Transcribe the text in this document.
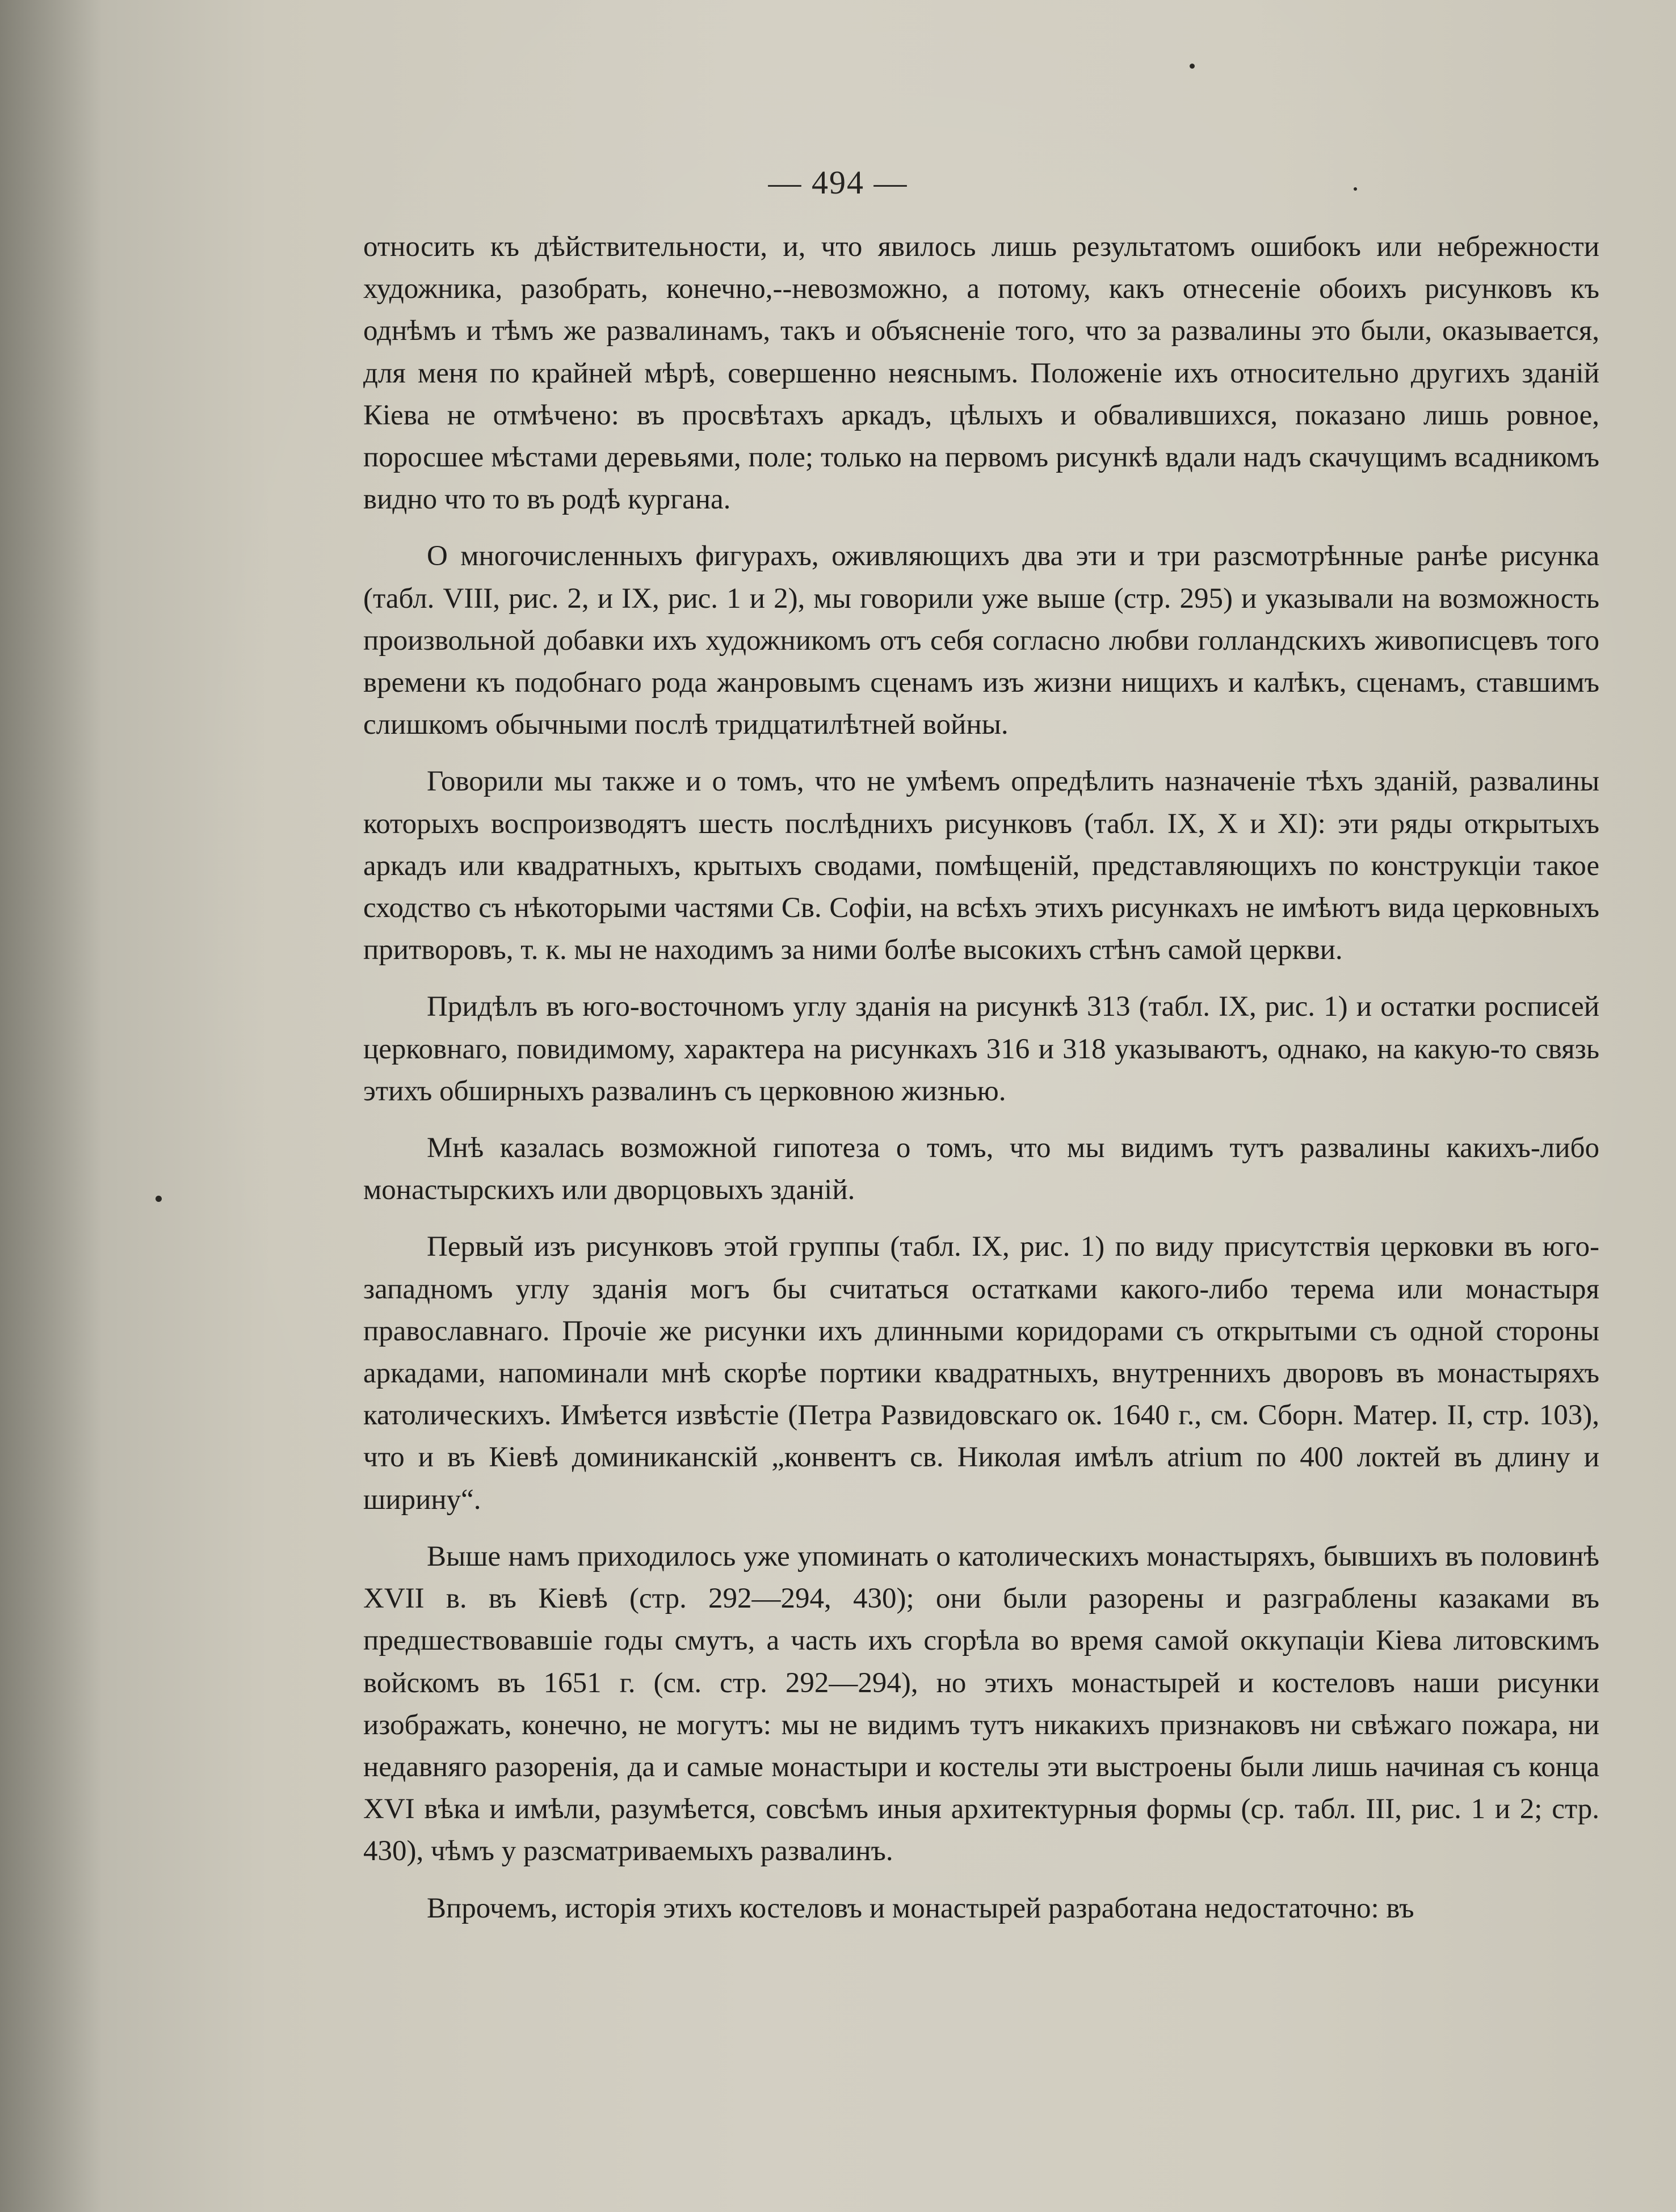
— 494 —

относить къ дѣйствительности, и, что явилось лишь результатомъ ошибокъ или небрежности художника, разобрать, конечно,--невозможно, а потому, какъ отнесеніе обоихъ рисунковъ къ однѣмъ и тѣмъ же развалинамъ, такъ и объясненіе того, что за развалины это были, оказывается, для меня по крайней мѣрѣ, совершенно неяснымъ. Положеніе ихъ относительно другихъ зданій Кіева не отмѣчено: въ просвѣтахъ аркадъ, цѣлыхъ и обвалившихся, показано лишь ровное, поросшее мѣстами деревьями, поле; только на первомъ рисункѣ вдали надъ скачущимъ всадникомъ видно что то въ родѣ кургана.

О многочисленныхъ фигурахъ, оживляющихъ два эти и три разсмотрѣнные ранѣе рисунка (табл. VIII, рис. 2, и IX, рис. 1 и 2), мы говорили уже выше (стр. 295) и указывали на возможность произвольной добавки ихъ художникомъ отъ себя согласно любви голландскихъ живописцевъ того времени къ подобнаго рода жанровымъ сценамъ изъ жизни нищихъ и калѣкъ, сценамъ, ставшимъ слишкомъ обычными послѣ тридцатилѣтней войны.

Говорили мы также и о томъ, что не умѣемъ опредѣлить назначеніе тѣхъ зданій, развалины которыхъ воспроизводятъ шесть послѣднихъ рисунковъ (табл. IX, X и XI): эти ряды открытыхъ аркадъ или квадратныхъ, крытыхъ сводами, помѣщеній, представляющихъ по конструкціи такое сходство съ нѣкоторыми частями Св. Софіи, на всѣхъ этихъ рисункахъ не имѣютъ вида церковныхъ притворовъ, т. к. мы не находимъ за ними болѣе высокихъ стѣнъ самой церкви.

Придѣлъ въ юго-восточномъ углу зданія на рисункѣ 313 (табл. IX, рис. 1) и остатки росписей церковнаго, повидимому, характера на рисункахъ 316 и 318 указываютъ, однако, на какую-то связь этихъ обширныхъ развалинъ съ церковною жизнью.

Мнѣ казалась возможной гипотеза о томъ, что мы видимъ тутъ развалины какихъ-либо монастырскихъ или дворцовыхъ зданій.

Первый изъ рисунковъ этой группы (табл. IX, рис. 1) по виду присутствія церковки въ юго-западномъ углу зданія могъ бы считаться остатками какого-либо терема или монастыря православнаго. Прочіе же рисунки ихъ длинными коридорами съ открытыми съ одной стороны аркадами, напоминали мнѣ скорѣе портики квадратныхъ, внутреннихъ дворовъ въ монастыряхъ католическихъ. Имѣется извѣстіе (Петра Развидовскаго ок. 1640 г., см. Сборн. Матер. II, стр. 103), что и въ Кіевѣ доминиканскій „конвентъ св. Николая имѣлъ atrium по 400 локтей въ длину и ширину“.

Выше намъ приходилось уже упоминать о католическихъ монастыряхъ, бывшихъ въ половинѣ XVII в. въ Кіевѣ (стр. 292—294, 430); они были разорены и разграблены казаками въ предшествовавшіе годы смутъ, а часть ихъ сгорѣла во время самой оккупаціи Кіева литовскимъ войскомъ въ 1651 г. (см. стр. 292—294), но этихъ монастырей и костеловъ наши рисунки изображать, конечно, не могутъ: мы не видимъ тутъ никакихъ признаковъ ни свѣжаго пожара, ни недавняго разоренія, да и самые монастыри и костелы эти выстроены были лишь начиная съ конца XVI вѣка и имѣли, разумѣется, совсѣмъ иныя архитектурныя формы (ср. табл. III, рис. 1 и 2; стр. 430), чѣмъ у разсматриваемыхъ развалинъ.

Впрочемъ, исторія этихъ костеловъ и монастырей разработана недостаточно: въ
